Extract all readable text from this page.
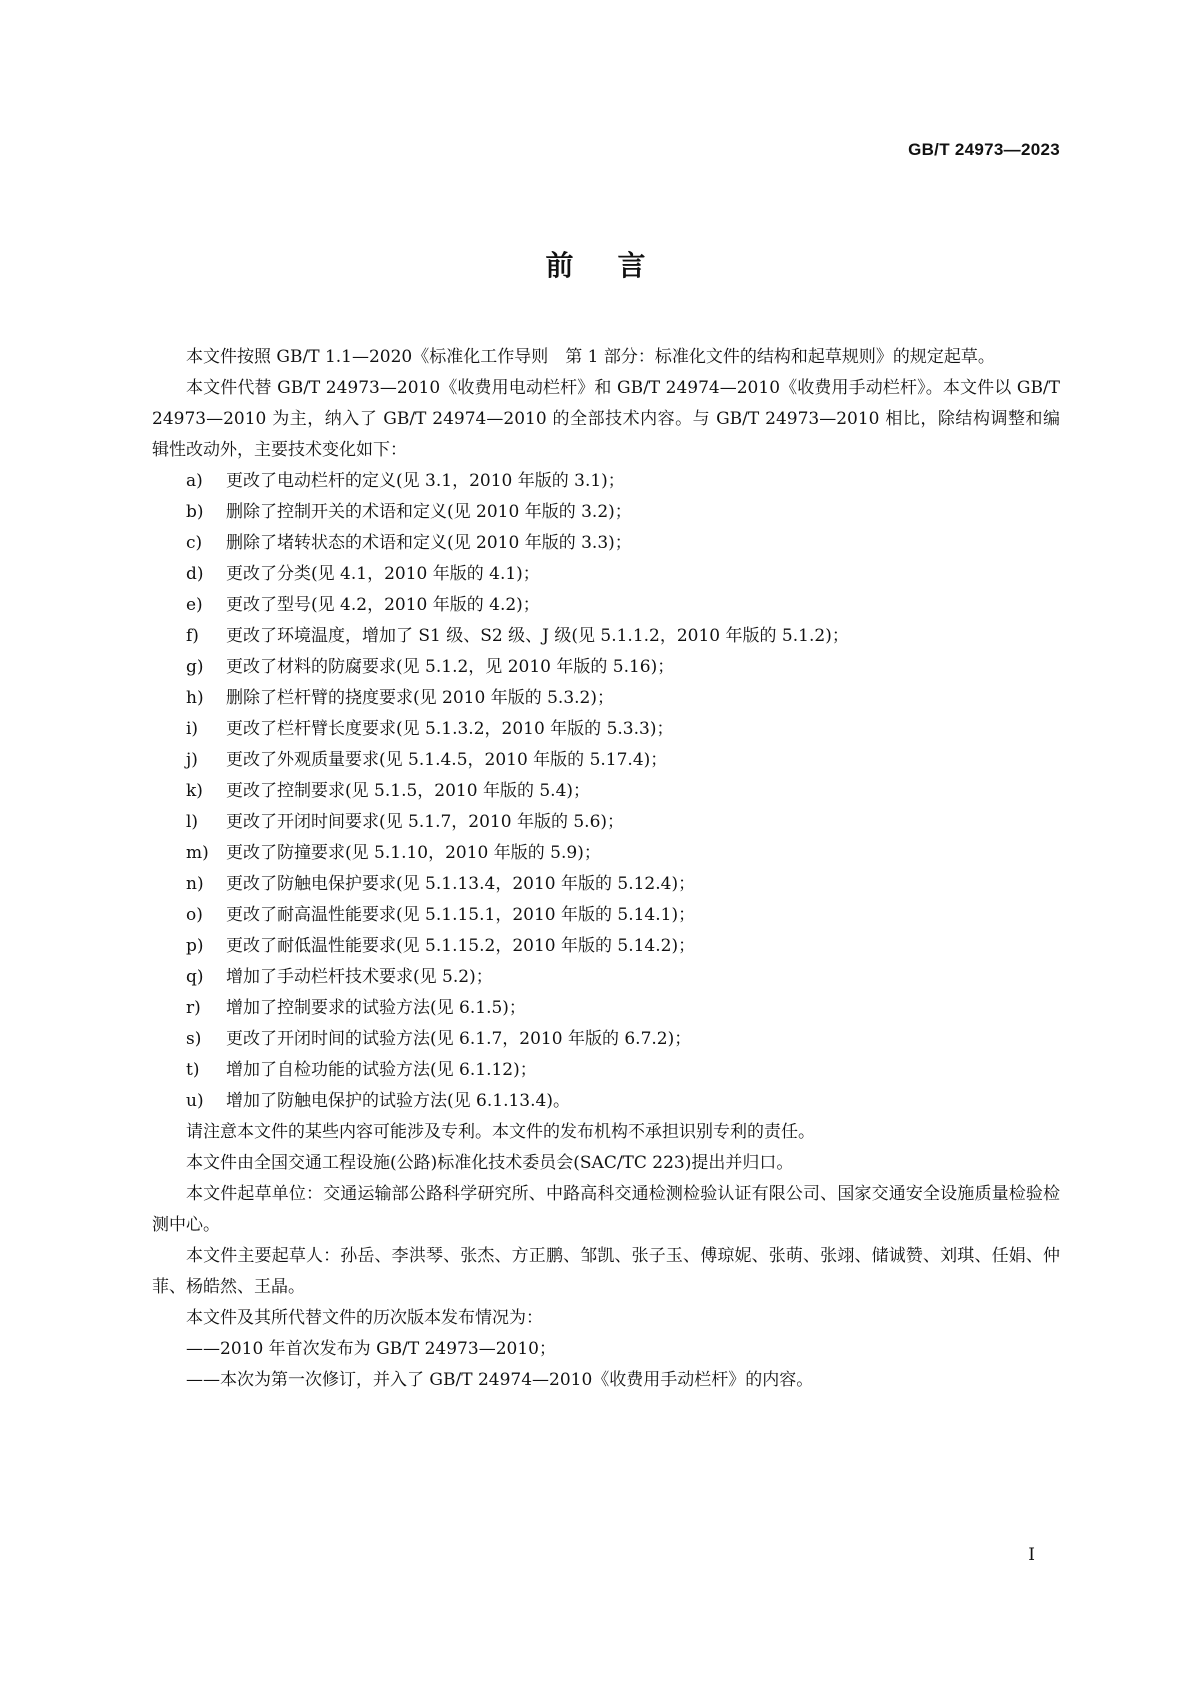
GB/T 24973—2023
前言

本文件按照 GB/T 1.1—2020《标准化工作导则　第 1 部分：标准化文件的结构和起草规则》的规定起草。

本文件代替 GB/T 24973—2010《收费用电动栏杆》和 GB/T 24974—2010《收费用手动栏杆》。本文件以 GB/T 24973—2010 为主，纳入了 GB/T 24974—2010 的全部技术内容。与 GB/T 24973—2010 相比，除结构调整和编辑性改动外，主要技术变化如下：

a) 更改了电动栏杆的定义(见 3.1，2010 年版的 3.1)；
b) 删除了控制开关的术语和定义(见 2010 年版的 3.2)；
c) 删除了堵转状态的术语和定义(见 2010 年版的 3.3)；
d) 更改了分类(见 4.1，2010 年版的 4.1)；
e) 更改了型号(见 4.2，2010 年版的 4.2)；
f) 更改了环境温度，增加了 S1 级、S2 级、J 级(见 5.1.1.2，2010 年版的 5.1.2)；
g) 更改了材料的防腐要求(见 5.1.2，见 2010 年版的 5.16)；
h) 删除了栏杆臂的挠度要求(见 2010 年版的 5.3.2)；
i) 更改了栏杆臂长度要求(见 5.1.3.2，2010 年版的 5.3.3)；
j) 更改了外观质量要求(见 5.1.4.5，2010 年版的 5.17.4)；
k) 更改了控制要求(见 5.1.5，2010 年版的 5.4)；
l) 更改了开闭时间要求(见 5.1.7，2010 年版的 5.6)；
m) 更改了防撞要求(见 5.1.10，2010 年版的 5.9)；
n) 更改了防触电保护要求(见 5.1.13.4，2010 年版的 5.12.4)；
o) 更改了耐高温性能要求(见 5.1.15.1，2010 年版的 5.14.1)；
p) 更改了耐低温性能要求(见 5.1.15.2，2010 年版的 5.14.2)；
q) 增加了手动栏杆技术要求(见 5.2)；
r) 增加了控制要求的试验方法(见 6.1.5)；
s) 更改了开闭时间的试验方法(见 6.1.7，2010 年版的 6.7.2)；
t) 增加了自检功能的试验方法(见 6.1.12)；
u) 增加了防触电保护的试验方法(见 6.1.13.4)。

请注意本文件的某些内容可能涉及专利。本文件的发布机构不承担识别专利的责任。

本文件由全国交通工程设施(公路)标准化技术委员会(SAC/TC 223)提出并归口。

本文件起草单位：交通运输部公路科学研究所、中路高科交通检测检验认证有限公司、国家交通安全设施质量检验检测中心。

本文件主要起草人：孙岳、李洪琴、张杰、方正鹏、邹凯、张子玉、傅琼妮、张萌、张翊、储诚赞、刘琪、任娟、仲菲、杨皓然、王晶。

本文件及其所代替文件的历次版本发布情况为：

——2010 年首次发布为 GB/T 24973—2010；
——本次为第一次修订，并入了 GB/T 24974—2010《收费用手动栏杆》的内容。
Ⅰ
